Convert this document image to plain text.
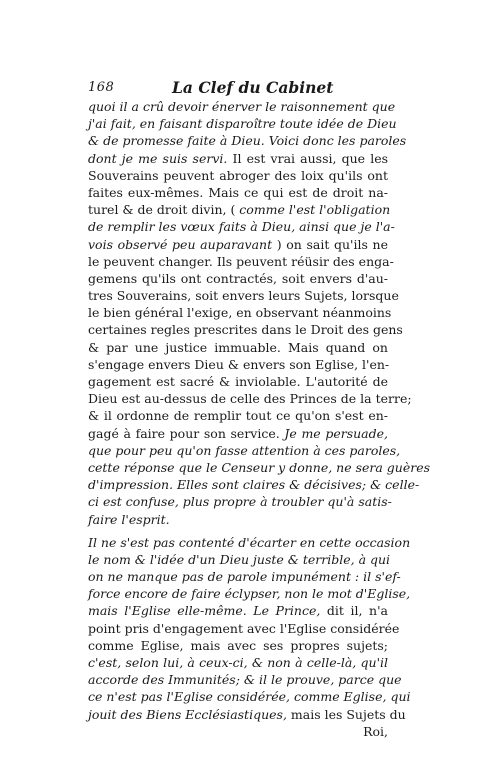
168	La Clef du Cabinet
quoi il a crû devoir énerver le raisonnement que
j'ai fait, en faisant disparoître toute idée de Dieu
& de promesse faite à Dieu. Voici donc les paroles
dont je me suis servi. Il est vrai aussi, que les
Souverains peuvent abroger des loix qu'ils ont
faites eux-mêmes. Mais ce qui est de droit na-
turel & de droit divin, ( comme l'est l'obligation
de remplir les vœux faits à Dieu, ainsi que je l'a-
vois observé peu auparavant ) on sait qu'ils ne
le peuvent changer. Ils peuvent réüsir des enga-
gemens qu'ils ont contractés, soit envers d'au-
tres Souverains, soit envers leurs Sujets, lorsque
le bien général l'exige, en observant néanmoins
certaines regles prescrites dans le Droit des gens
& par une justice immuable. Mais quand on
s'engage envers Dieu & envers son Eglise, l'en-
gagement est sacré & inviolable. L'autorité de
Dieu est au-dessus de celle des Princes de la terre;
& il ordonne de remplir tout ce qu'on s'est en-
gagé à faire pour son service. Je me persuade,
que pour peu qu'on fasse attention à ces paroles,
cette réponse que le Censeur y donne, ne sera guères
d'impression. Elles sont claires & décisives; & celle-
ci est confuse, plus propre à troubler qu'à satis-
faire l'esprit.
Il ne s'est pas contenté d'écarter en cette occasion
le nom & l'idée d'un Dieu juste & terrible, à qui
on ne manque pas de parole impunément : il s'ef-
force encore de faire éclypser, non le mot d'Eglise,
mais l'Eglise elle-même. Le Prince, dit il, n'a
point pris d'engagement avec l'Eglise considérée
comme Eglise, mais avec ses propres sujets;
c'est, selon lui, à ceux-ci, & non à celle-là, qu'il
accorde des Immunités; & il le prouve, parce que
ce n'est pas l'Eglise considérée, comme Eglise, qui
jouit des Biens Ecclésiastiques, mais les Sujets du
Roi,
